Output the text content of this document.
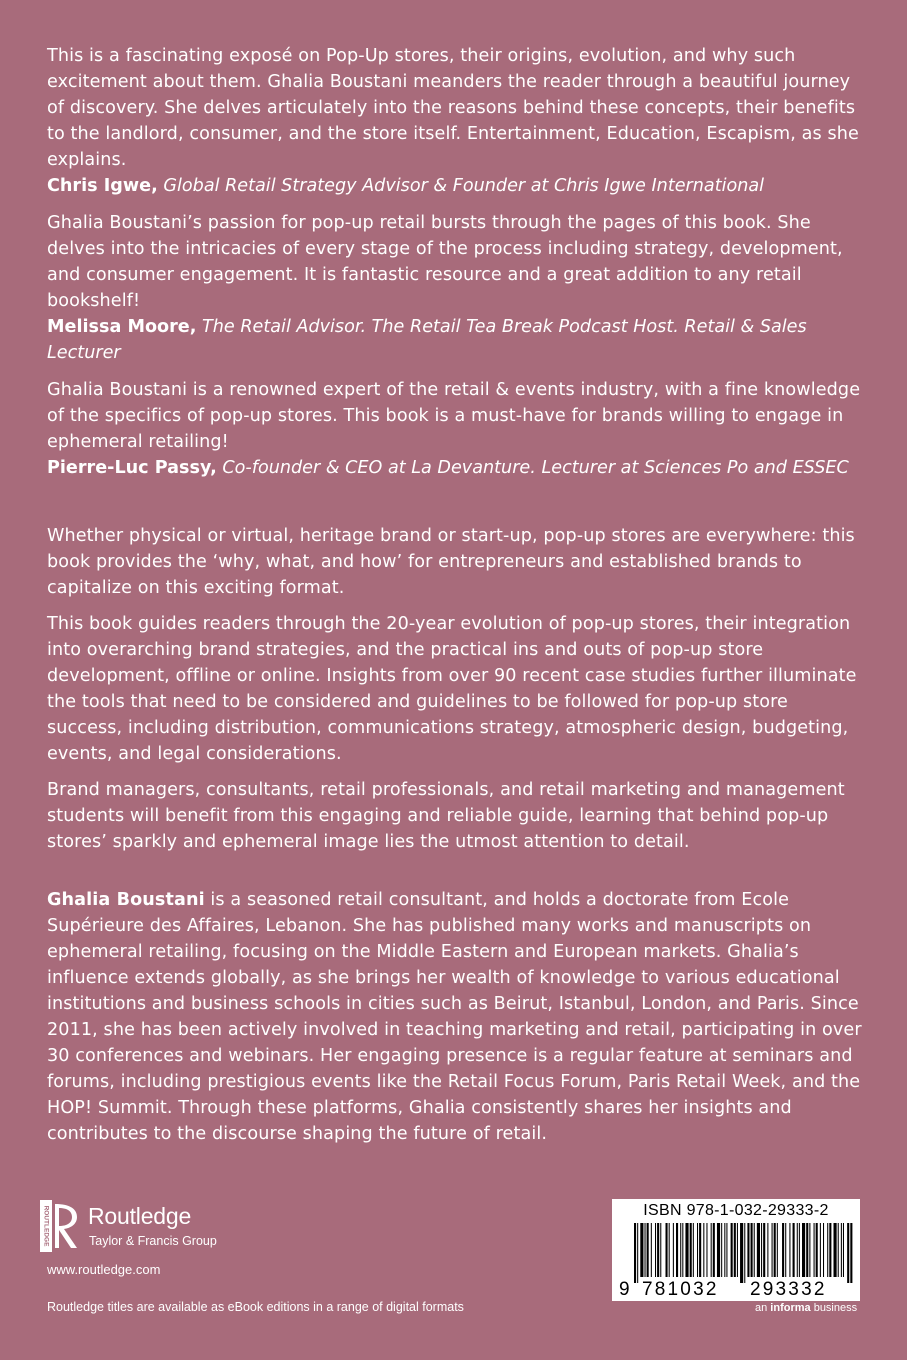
This is a fascinating exposé on Pop-Up stores, their origins, evolution, and why such excitement about them. Ghalia Boustani meanders the reader through a beautiful journey of discovery. She delves articulately into the reasons behind these concepts, their benefits to the landlord, consumer, and the store itself. Entertainment, Education, Escapism, as she explains.

Chris Igwe, Global Retail Strategy Advisor & Founder at Chris Igwe International

Ghalia Boustani’s passion for pop-up retail bursts through the pages of this book. She delves into the intricacies of every stage of the process including strategy, development, and consumer engagement. It is fantastic resource and a great addition to any retail bookshelf!

Melissa Moore, The Retail Advisor. The Retail Tea Break Podcast Host. Retail & Sales Lecturer

Ghalia Boustani is a renowned expert of the retail & events industry, with a fine knowledge of the specifics of pop-up stores. This book is a must-have for brands willing to engage in ephemeral retailing!

Pierre-Luc Passy, Co-founder & CEO at La Devanture. Lecturer at Sciences Po and ESSEC

Whether physical or virtual, heritage brand or start-up, pop-up stores are everywhere: this book provides the ‘why, what, and how’ for entrepreneurs and established brands to capitalize on this exciting format.

This book guides readers through the 20-year evolution of pop-up stores, their integration into overarching brand strategies, and the practical ins and outs of pop-up store development, offline or online. Insights from over 90 recent case studies further illuminate the tools that need to be considered and guidelines to be followed for pop-up store success, including distribution, communications strategy, atmospheric design, budgeting, events, and legal considerations.

Brand managers, consultants, retail professionals, and retail marketing and management students will benefit from this engaging and reliable guide, learning that behind pop-up stores’ sparkly and ephemeral image lies the utmost attention to detail.

Ghalia Boustani is a seasoned retail consultant, and holds a doctorate from Ecole Supérieure des Affaires, Lebanon. She has published many works and manuscripts on ephemeral retailing, focusing on the Middle Eastern and European markets. Ghalia’s influence extends globally, as she brings her wealth of knowledge to various educational institutions and business schools in cities such as Beirut, Istanbul, London, and Paris. Since 2011, she has been actively involved in teaching marketing and retail, participating in over 30 conferences and webinars. Her engaging presence is a regular feature at seminars and forums, including prestigious events like the Retail Focus Forum, Paris Retail Week, and the HOP! Summit. Through these platforms, Ghalia consistently shares her insights and contributes to the discourse shaping the future of retail.

ROUTLEDGE Routledge
Taylor & Francis Group
www.routledge.com
Routledge titles are available as eBook editions in a range of digital formats
ISBN 978-1-032-29333-2
9 781032 293332
an informa business
